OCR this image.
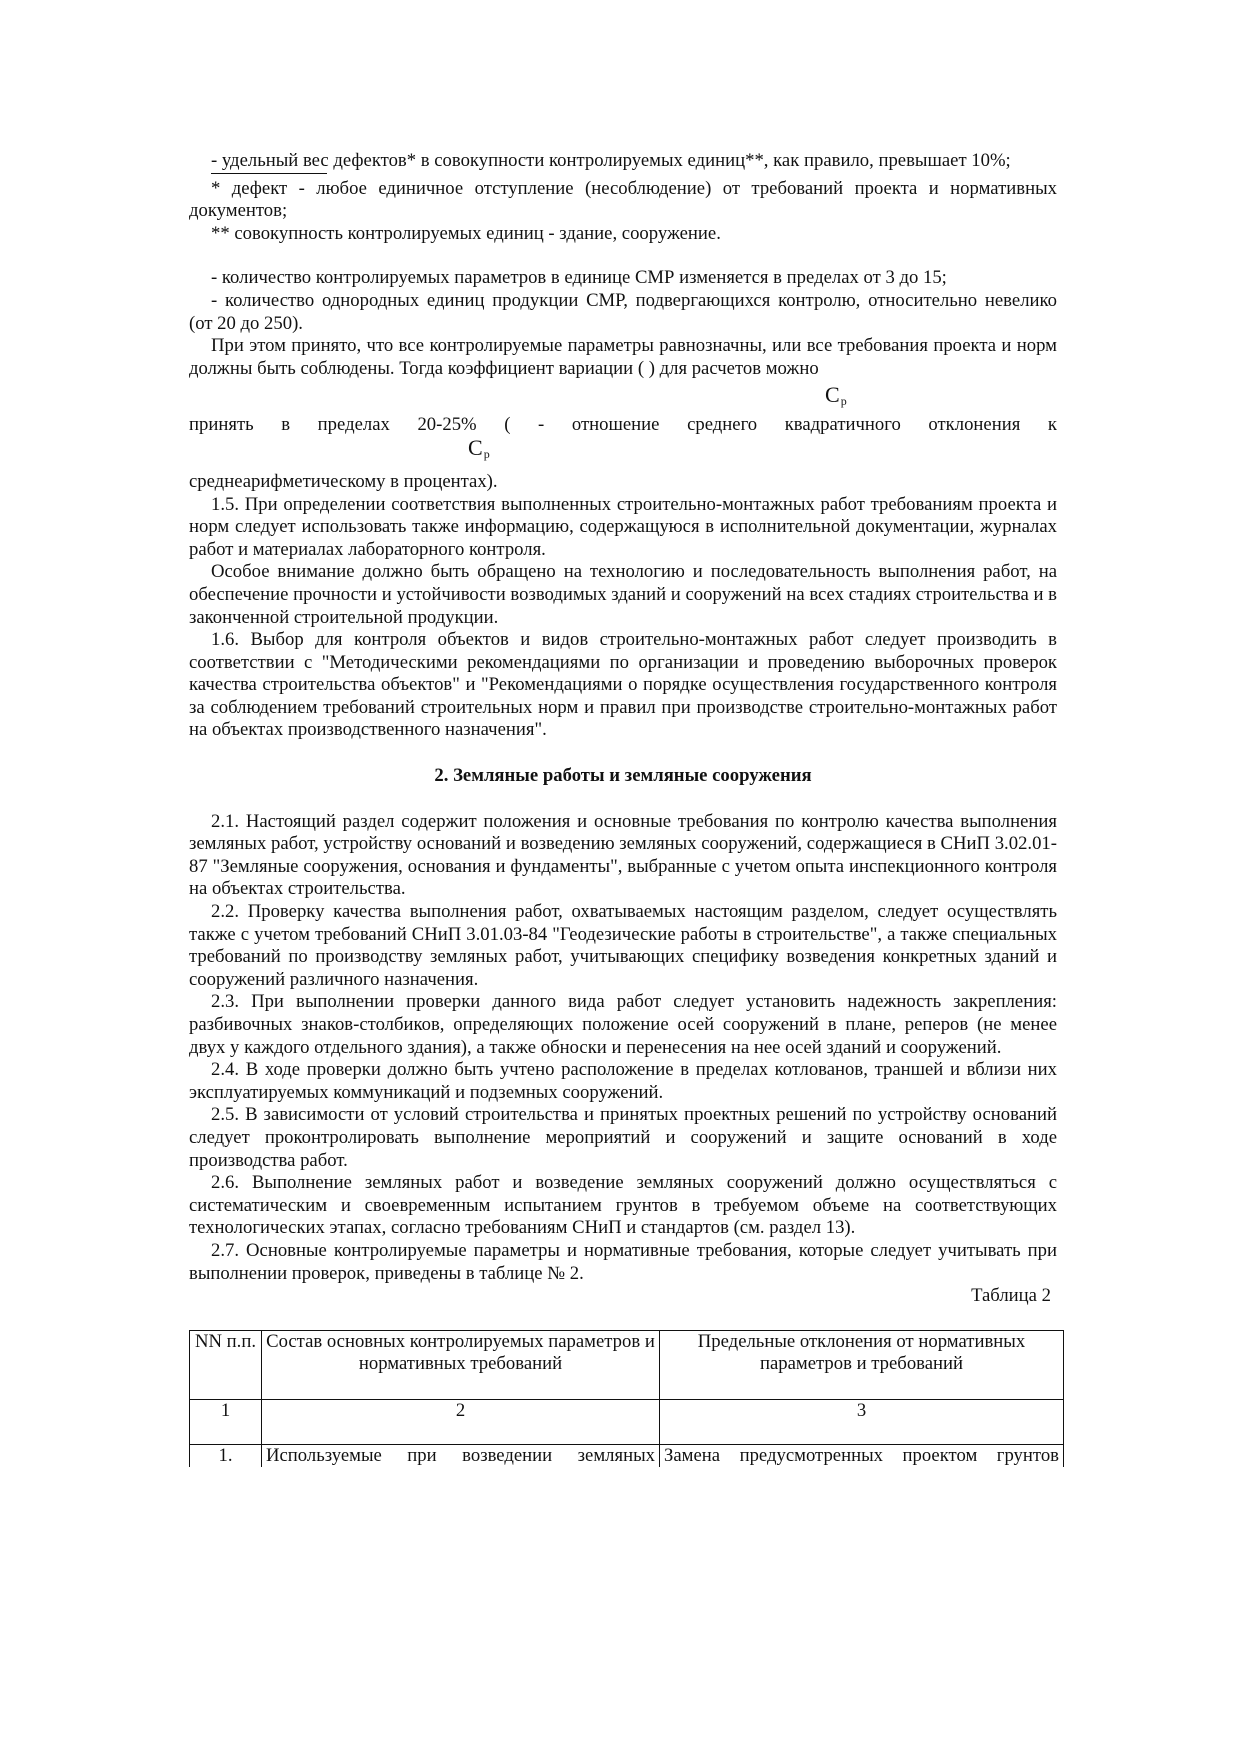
- удельный вес дефектов* в совокупности контролируемых единиц**, как правило, превышает 10%;

* дефект - любое единичное отступление (несоблюдение) от требований проекта и нормативных документов;

** совокупность контролируемых единиц - здание, сооружение.

- количество контролируемых параметров в единице СМР изменяется в пределах от 3 до 15;

- количество однородных единиц продукции СМР, подвергающихся контролю, относительно невелико (от 20 до 250).

При этом принято, что все контролируемые параметры равнозначны, или все требования проекта и норм должны быть соблюдены. Тогда коэффициент вариации ( ) для расчетов можно

$C_p$

принять в пределах 20-25% ( - отношение среднего квадратичного отклонения к

$C_p$

среднеарифметическому в процентах).

1.5. При определении соответствия выполненных строительно-монтажных работ требованиям проекта и норм следует использовать также информацию, содержащуюся в исполнительной документации, журналах работ и материалах лабораторного контроля.

Особое внимание должно быть обращено на технологию и последовательность выполнения работ, на обеспечение прочности и устойчивости возводимых зданий и сооружений на всех стадиях строительства и в законченной строительной продукции.

1.6. Выбор для контроля объектов и видов строительно-монтажных работ следует производить в соответствии с "Методическими рекомендациями по организации и проведению выборочных проверок качества строительства объектов" и "Рекомендациями о порядке осуществления государственного контроля за соблюдением требований строительных норм и правил при производстве строительно-монтажных работ на объектах производственного назначения".

2. Земляные работы и земляные сооружения

2.1. Настоящий раздел содержит положения и основные требования по контролю качества выполнения земляных работ, устройству оснований и возведению земляных сооружений, содержащиеся в СНиП 3.02.01-87 "Земляные сооружения, основания и фундаменты", выбранные с учетом опыта инспекционного контроля на объектах строительства.

2.2. Проверку качества выполнения работ, охватываемых настоящим разделом, следует осуществлять также с учетом требований СНиП 3.01.03-84 "Геодезические работы в строительстве", а также специальных требований по производству земляных работ, учитывающих специфику возведения конкретных зданий и сооружений различного назначения.

2.3. При выполнении проверки данного вида работ следует установить надежность закрепления: разбивочных знаков-столбиков, определяющих положение осей сооружений в плане, реперов (не менее двух у каждого отдельного здания), а также обноски и перенесения на нее осей зданий и сооружений.

2.4. В ходе проверки должно быть учтено расположение в пределах котлованов, траншей и вблизи них эксплуатируемых коммуникаций и подземных сооружений.

2.5. В зависимости от условий строительства и принятых проектных решений по устройству оснований следует проконтролировать выполнение мероприятий и сооружений и защите оснований в ходе производства работ.

2.6. Выполнение земляных работ и возведение земляных сооружений должно осуществляться с систематическим и своевременным испытанием грунтов в требуемом объеме на соответствующих технологических этапах, согласно требованиям СНиП и стандартов (см. раздел 13).

2.7. Основные контролируемые параметры и нормативные требования, которые следует учитывать при выполнении проверок, приведены в таблице № 2.

Таблица 2

NN п.п.	Состав основных контролируемых параметров и нормативных требований	Предельные отклонения от нормативных параметров и требований
1	2	3
1.	Используемые при возведении земляных	Замена предусмотренных проектом грунтов
